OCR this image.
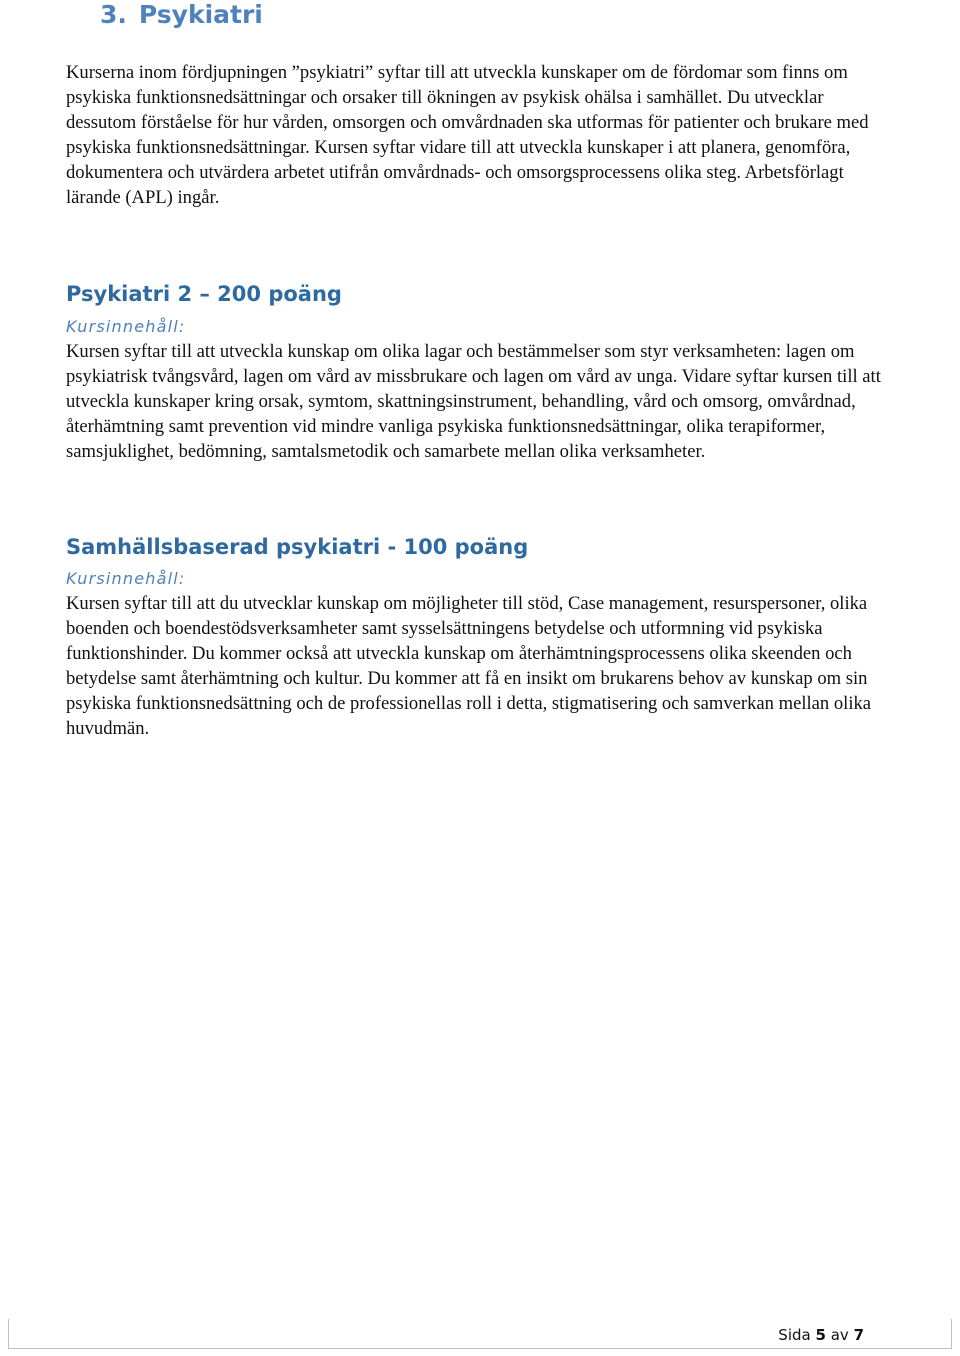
3. Psykiatri

Kurserna inom fördjupningen ”psykiatri” syftar till att utveckla kunskaper om de fördomar som finns om psykiska funktionsnedsättningar och orsaker till ökningen av psykisk ohälsa i samhället. Du utvecklar dessutom förståelse för hur vården, omsorgen och omvårdnaden ska utformas för patienter och brukare med psykiska funktionsnedsättningar. Kursen syftar vidare till att utveckla kunskaper i att planera, genomföra, dokumentera och utvärdera arbetet utifrån omvårdnads- och omsorgsprocessens olika steg. Arbetsförlagt lärande (APL) ingår.

Psykiatri 2 – 200 poäng

Kursinnehåll:

Kursen syftar till att utveckla kunskap om olika lagar och bestämmelser som styr verksamheten: lagen om psykiatrisk tvångsvård, lagen om vård av missbrukare och lagen om vård av unga. Vidare syftar kursen till att utveckla kunskaper kring orsak, symtom, skattningsinstrument, behandling, vård och omsorg, omvårdnad, återhämtning samt prevention vid mindre vanliga psykiska funktionsnedsättningar, olika terapiformer, samsjuklighet, bedömning, samtalsmetodik och samarbete mellan olika verksamheter.

Samhällsbaserad psykiatri - 100 poäng

Kursinnehåll:

Kursen syftar till att du utvecklar kunskap om möjligheter till stöd, Case management, resurspersoner, olika boenden och boendestödsverksamheter samt sysselsättningens betydelse och utformning vid psykiska funktionshinder. Du kommer också att utveckla kunskap om återhämtningsprocessens olika skeenden och betydelse samt återhämtning och kultur. Du kommer att få en insikt om brukarens behov av kunskap om sin psykiska funktionsnedsättning och de professionellas roll i detta, stigmatisering och samverkan mellan olika huvudmän.

Sida 5 av 7
